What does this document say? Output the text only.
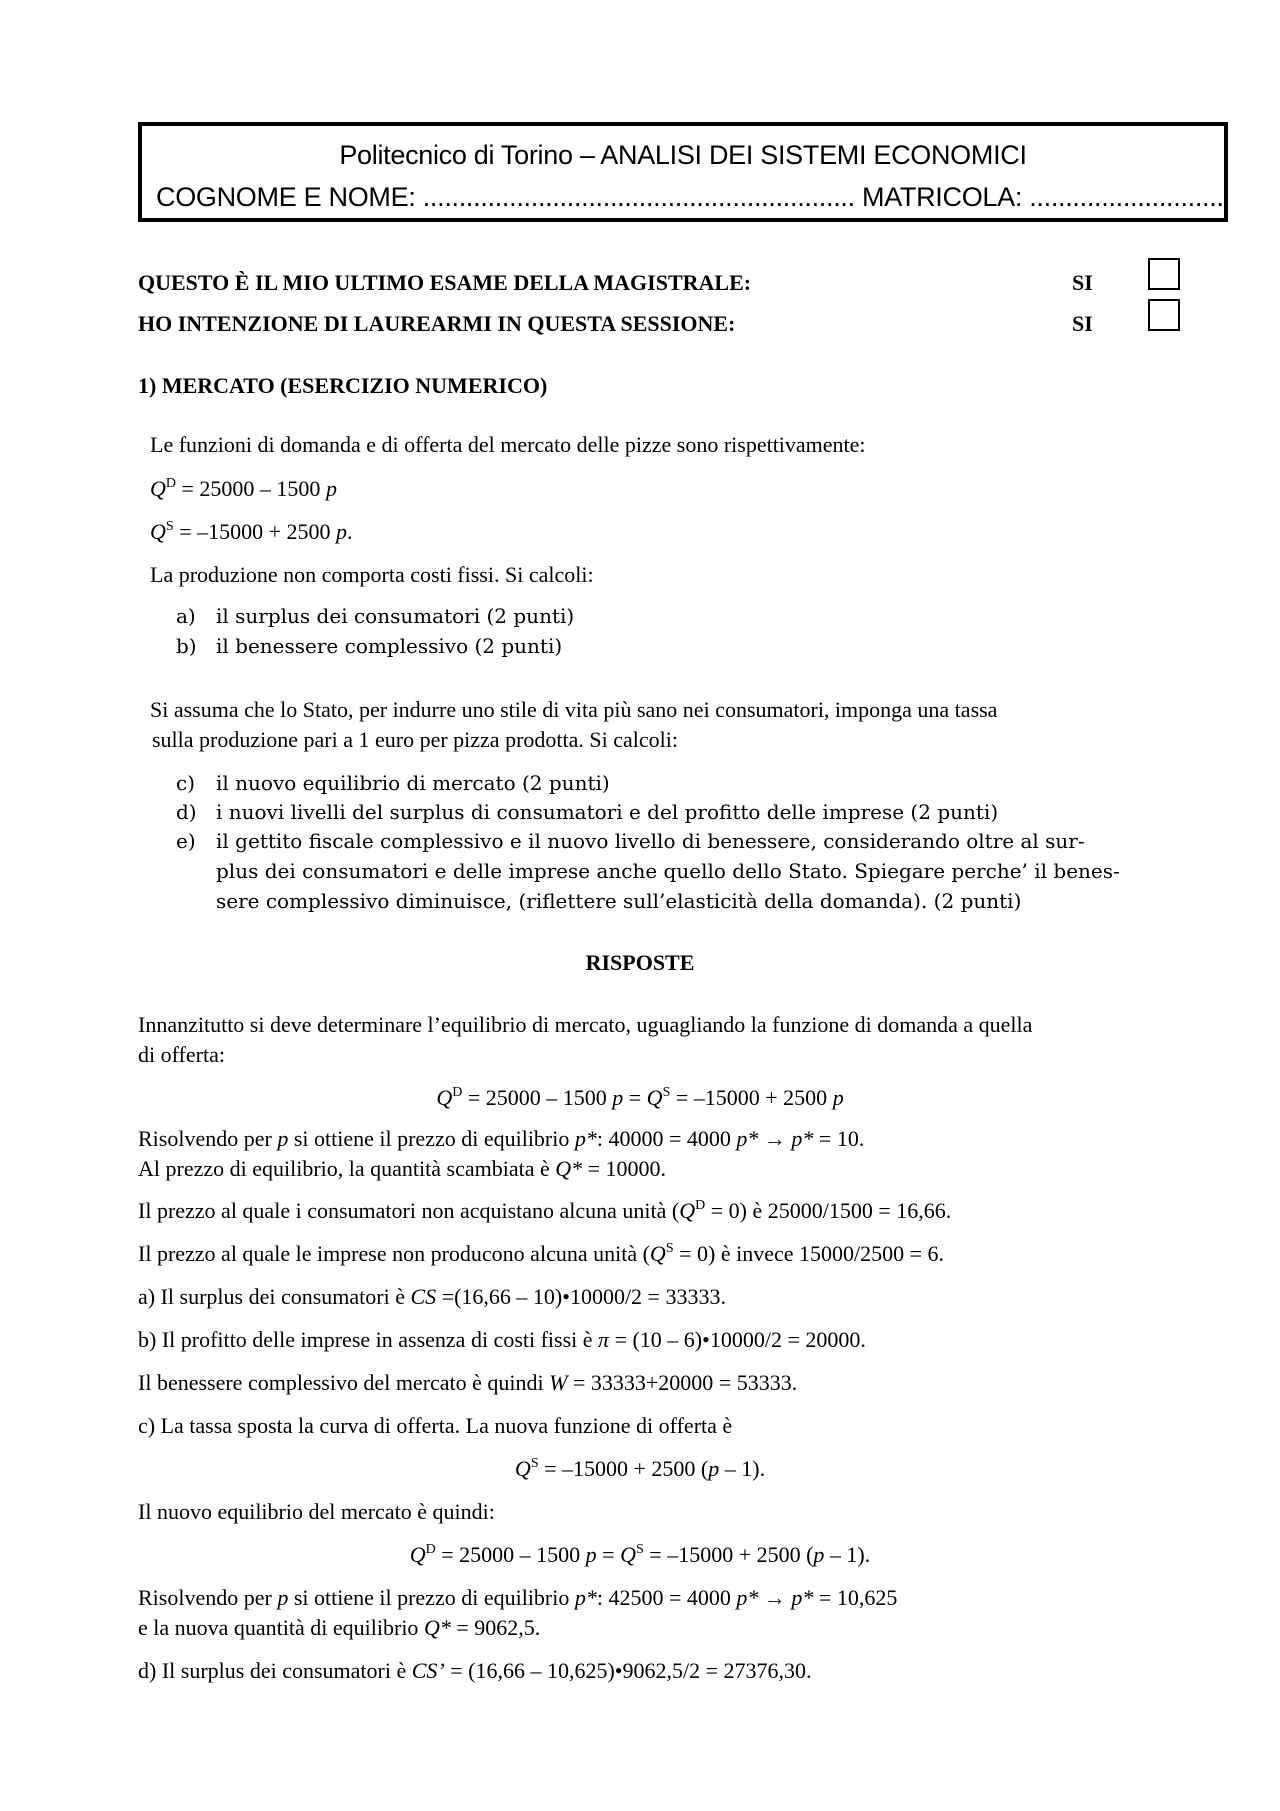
Politecnico di Torino – ANALISI DEI SISTEMI ECONOMICI
COGNOME E NOME: ............................................................ MATRICOLA: ...........................
QUESTO È IL MIO ULTIMO ESAME DELLA MAGISTRALE:	SI
HO INTENZIONE DI LAUREARMI IN QUESTA SESSIONE:	SI
1) MERCATO (ESERCIZIO NUMERICO)
Le funzioni di domanda e di offerta del mercato delle pizze sono rispettivamente:
$Q^D = 25000 - 1500$ p
$Q^S = -15000 + 2500$ p.
La produzione non comporta costi fissi. Si calcoli:
a) il surplus dei consumatori (2 punti)
b) il benessere complessivo (2 punti)
Si assuma che lo Stato, per indurre uno stile di vita più sano nei consumatori, imponga una tassa
sulla produzione pari a 1 euro per pizza prodotta. Si calcoli:
c) il nuovo equilibrio di mercato (2 punti)
d) i nuovi livelli del surplus di consumatori e del profitto delle imprese (2 punti)
e) il gettito fiscale complessivo e il nuovo livello di benessere, considerando oltre al sur-
plus dei consumatori e delle imprese anche quello dello Stato. Spiegare perche’ il benes-
sere complessivo diminuisce, (riflettere sull’elasticità della domanda). (2 punti)
RISPOSTE
Innanzitutto si deve determinare l’equilibrio di mercato, uguagliando la funzione di domanda a quella
di offerta:
$Q^D = 25000 - 1500$ $p = Q^S = -15000 + 2500$ p
Risolvendo per p si ottiene il prezzo di equilibrio p*: 40000 = 4000 p* → p* = 10.
Al prezzo di equilibrio, la quantità scambiata è Q* = 10000.
Il prezzo al quale i consumatori non acquistano alcuna unità $(Q^D = 0)$ è 25000/1500 = 16,66.
Il prezzo al quale le imprese non producono alcuna unità $(Q^S = 0)$ è invece 15000/2500 = 6.
a) Il surplus dei consumatori è CS =(16,66 – 10)•10000/2 = 33333.
b) Il profitto delle imprese in assenza di costi fissi è π = (10 – 6)•10000/2 = 20000.
Il benessere complessivo del mercato è quindi W = 33333+20000 = 53333.
c) La tassa sposta la curva di offerta. La nuova funzione di offerta è
$Q^S = -15000 + 2500$ (p – 1).
Il nuovo equilibrio del mercato è quindi:
$Q^D = 25000 - 1500$ $p = Q^S = -15000 + 2500$ (p – 1).
Risolvendo per p si ottiene il prezzo di equilibrio p*: 42500 = 4000 p* → p* = 10,625
e la nuova quantità di equilibrio Q* = 9062,5.
d) Il surplus dei consumatori è CS’ = (16,66 – 10,625)•9062,5/2 = 27376,30.
